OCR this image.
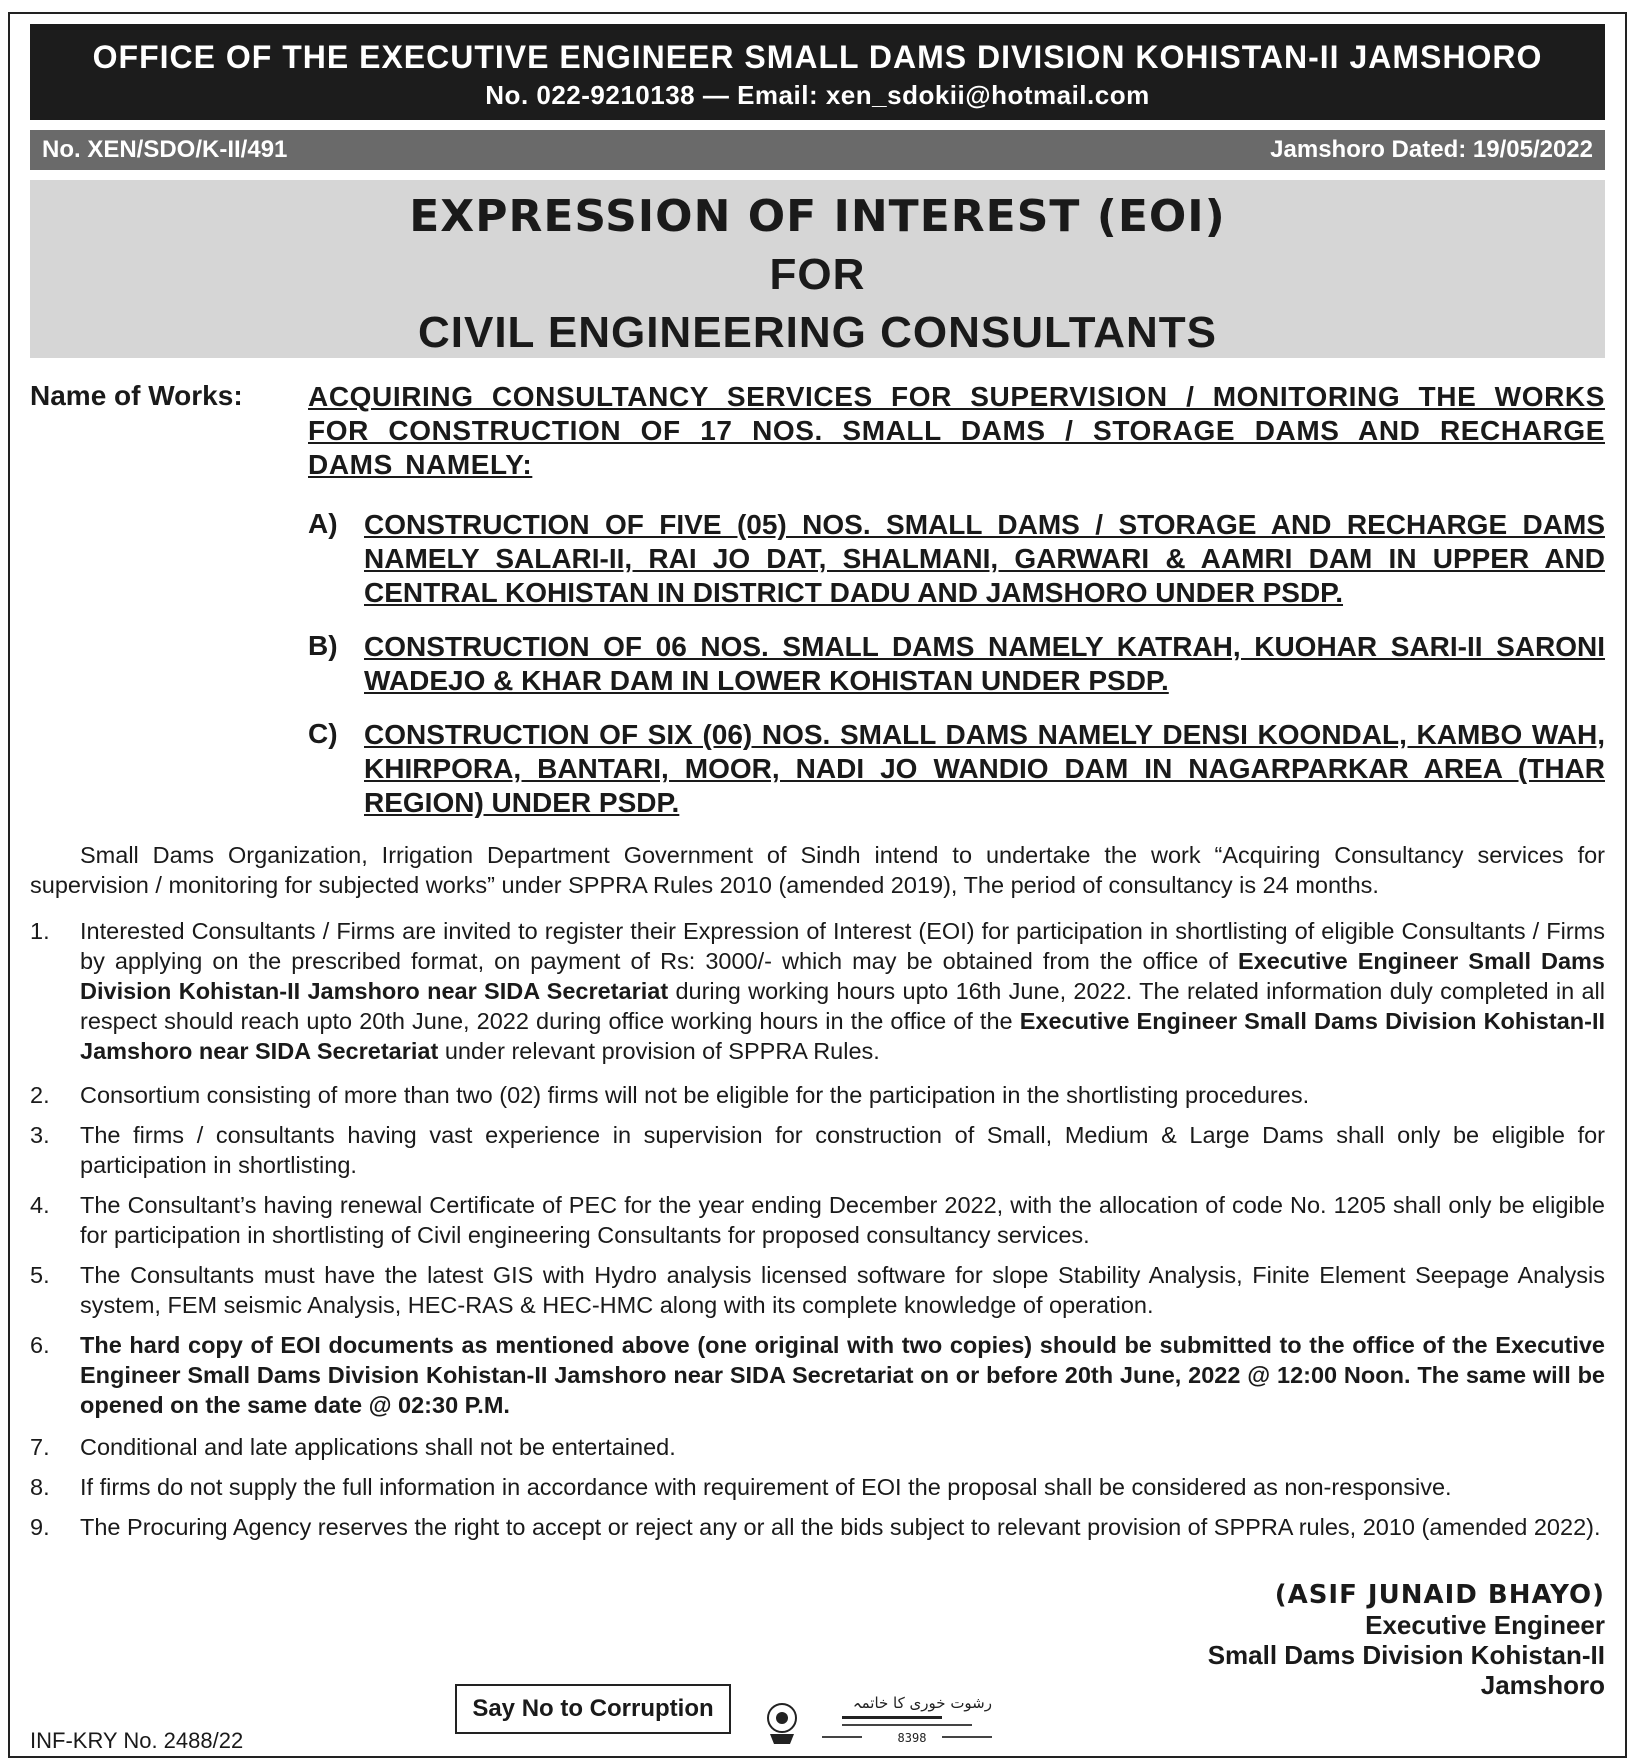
OFFICE OF THE EXECUTIVE ENGINEER SMALL DAMS DIVISION KOHISTAN-II JAMSHORO
No. 022-9210138 — Email: xen_sdokii@hotmail.com
No. XEN/SDO/K-II/491	Jamshoro Dated: 19/05/2022
EXPRESSION OF INTEREST (EOI)
FOR
CIVIL ENGINEERING CONSULTANTS
Name of Works: ACQUIRING CONSULTANCY SERVICES FOR SUPERVISION / MONITORING THE WORKS FOR CONSTRUCTION OF 17 NOS. SMALL DAMS / STORAGE DAMS AND RECHARGE DAMS NAMELY:
A) CONSTRUCTION OF FIVE (05) NOS. SMALL DAMS / STORAGE AND RECHARGE DAMS NAMELY SALARI-II, RAI JO DAT, SHALMANI, GARWARI & AAMRI DAM IN UPPER AND CENTRAL KOHISTAN IN DISTRICT DADU AND JAMSHORO UNDER PSDP.
B) CONSTRUCTION OF 06 NOS. SMALL DAMS NAMELY KATRAH, KUOHAR SARI-II SARONI WADEJO & KHAR DAM IN LOWER KOHISTAN UNDER PSDP.
C) CONSTRUCTION OF SIX (06) NOS. SMALL DAMS NAMELY DENSI KOONDAL, KAMBO WAH, KHIRPORA, BANTARI, MOOR, NADI JO WANDIO DAM IN NAGARPARKAR AREA (THAR REGION) UNDER PSDP.
Small Dams Organization, Irrigation Department Government of Sindh intend to undertake the work “Acquiring Consultancy services for supervision / monitoring for subjected works” under SPPRA Rules 2010 (amended 2019), The period of consultancy is 24 months.
1. Interested Consultants / Firms are invited to register their Expression of Interest (EOI) for participation in shortlisting of eligible Consultants / Firms by applying on the prescribed format, on payment of Rs: 3000/- which may be obtained from the office of Executive Engineer Small Dams Division Kohistan-II Jamshoro near SIDA Secretariat during working hours upto 16th June, 2022. The related information duly completed in all respect should reach upto 20th June, 2022 during office working hours in the office of the Executive Engineer Small Dams Division Kohistan-II Jamshoro near SIDA Secretariat under relevant provision of SPPRA Rules.
2. Consortium consisting of more than two (02) firms will not be eligible for the participation in the shortlisting procedures.
3. The firms / consultants having vast experience in supervision for construction of Small, Medium & Large Dams shall only be eligible for participation in shortlisting.
4. The Consultant’s having renewal Certificate of PEC for the year ending December 2022, with the allocation of code No. 1205 shall only be eligible for participation in shortlisting of Civil engineering Consultants for proposed consultancy services.
5. The Consultants must have the latest GIS with Hydro analysis licensed software for slope Stability Analysis, Finite Element Seepage Analysis system, FEM seismic Analysis, HEC-RAS & HEC-HMC along with its complete knowledge of operation.
6. The hard copy of EOI documents as mentioned above (one original with two copies) should be submitted to the office of the Executive Engineer Small Dams Division Kohistan-II Jamshoro near SIDA Secretariat on or before 20th June, 2022 @ 12:00 Noon. The same will be opened on the same date @ 02:30 P.M.
7. Conditional and late applications shall not be entertained.
8. If firms do not supply the full information in accordance with requirement of EOI the proposal shall be considered as non-responsive.
9. The Procuring Agency reserves the right to accept or reject any or all the bids subject to relevant provision of SPPRA rules, 2010 (amended 2022).
(ASIF JUNAID BHAYO)
Executive Engineer
Small Dams Division Kohistan-II
Jamshoro
INF-KRY No. 2488/22
Say No to Corruption	رشوت خوری کا خاتمہ
8398
